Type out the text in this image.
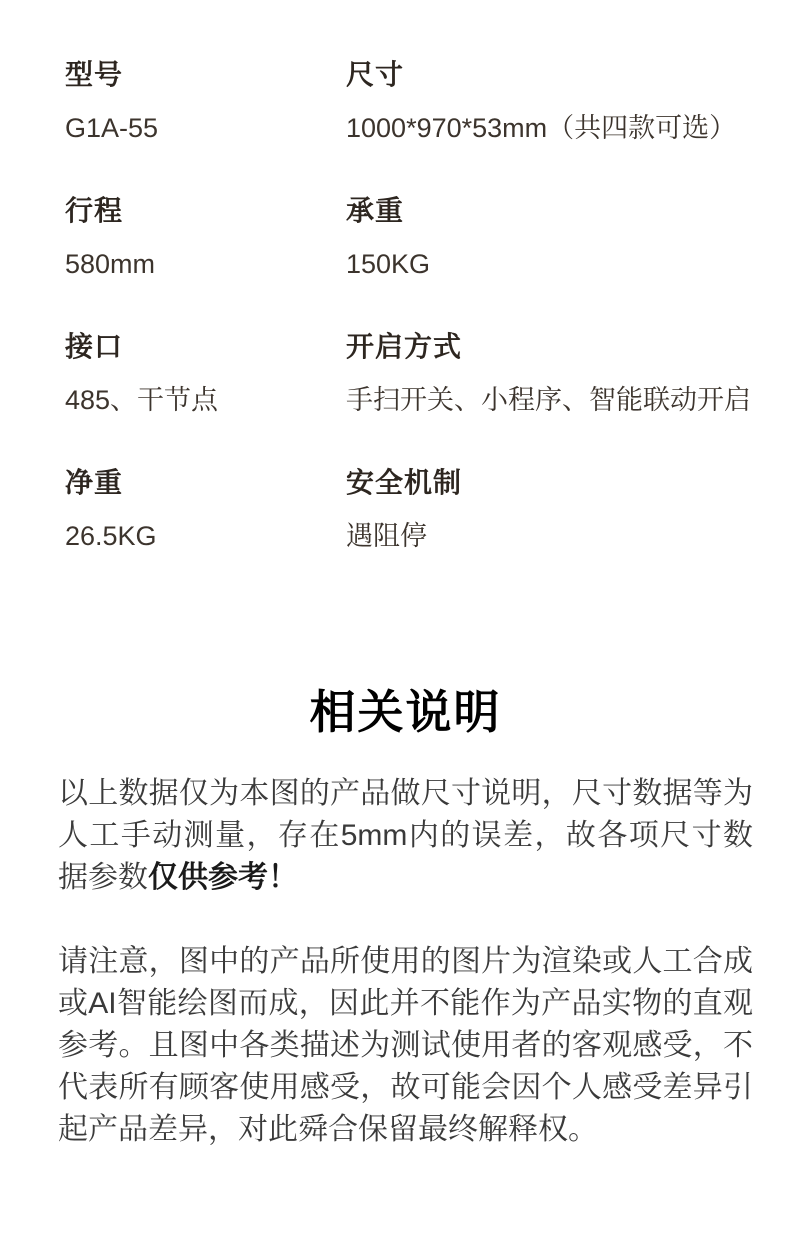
型号
G1A-55
尺寸
1000*970*53mm（共四款可选）
行程
580mm
承重
150KG
接口
485、干节点
开启方式
手扫开关、小程序、智能联动开启
净重
26.5KG
安全机制
遇阻停
相关说明

以上数据仅为本图的产品做尺寸说明，尺寸数据等为人工手动测量，存在5mm内的误差，故各项尺寸数据参数仅供参考！

请注意，图中的产品所使用的图片为渲染或人工合成或AI智能绘图而成，因此并不能作为产品实物的直观参考。且图中各类描述为测试使用者的客观感受，不代表所有顾客使用感受，故可能会因个人感受差异引起产品差异，对此舜合保留最终解释权。
